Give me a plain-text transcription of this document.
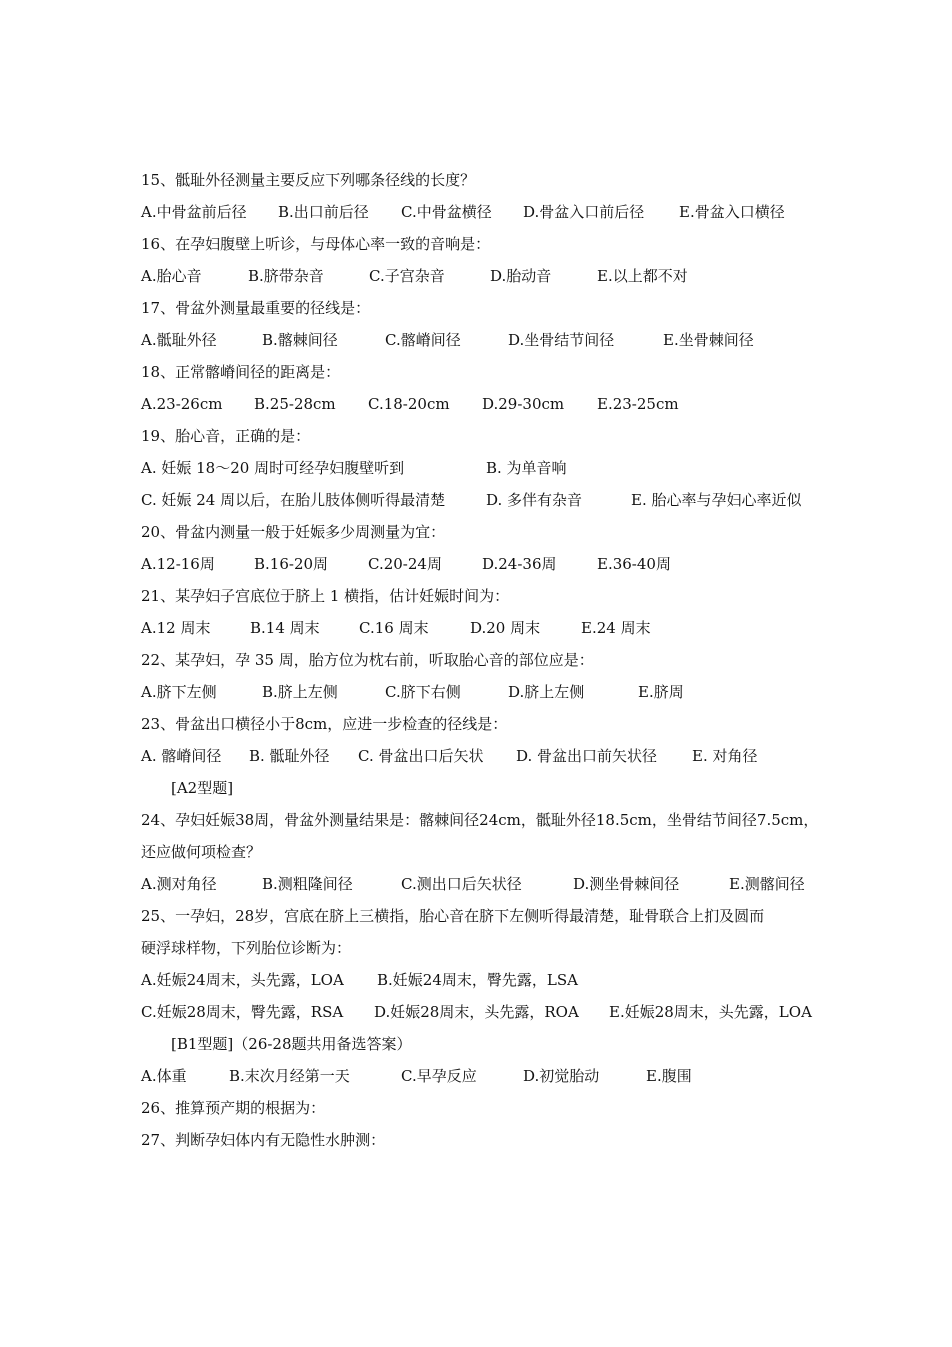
15、骶耻外径测量主要反应下列哪条径线的长度？
A.中骨盆前后径 B.出口前后径 C.中骨盆横径 D.骨盆入口前后径 E.骨盆入口横径
16、在孕妇腹壁上听诊，与母体心率一致的音响是：
A.胎心音	B.脐带杂音	C.子宫杂音	D.胎动音	E.以上都不对
17、骨盆外测量最重要的径线是：
A.骶耻外径	B.髂棘间径	C.髂嵴间径	D.坐骨结节间径	E.坐骨棘间径
18、正常髂嵴间径的距离是：
A.23-26cm B.25-28cm C.18-20cm D.29-30cm E.23-25cm
19、胎心音，正确的是：
A. 妊娠 18～20 周时可经孕妇腹壁听到	B. 为单音响
C. 妊娠 24 周以后，在胎儿肢体侧听得最清楚	D. 多伴有杂音	E. 胎心率与孕妇心率近似
20、骨盆内测量一般于妊娠多少周测量为宜：
A.12-16周	B.16-20周	C.20-24周	D.24-36周	E.36-40周
21、某孕妇子宫底位于脐上 1 横指，估计妊娠时间为：
A.12 周末	B.14 周末	C.16 周末	D.20 周末	E.24 周末
22、某孕妇，孕 35 周，胎方位为枕右前，听取胎心音的部位应是：
A.脐下左侧	B.脐上左侧	C.脐下右侧	D.脐上左侧	E.脐周
23、骨盆出口横径小于8cm，应进一步检查的径线是：
A. 髂嵴间径 B. 骶耻外径 C. 骨盆出口后矢状 D. 骨盆出口前矢状径 E. 对角径
[A2型题]
24、孕妇妊娠38周，骨盆外测量结果是：髂棘间径24cm，骶耻外径18.5cm，坐骨结节间径7.5cm，
还应做何项检查？
A.测对角径	B.测粗隆间径	C.测出口后矢状径	D.测坐骨棘间径	E.测髂间径
25、一孕妇，28岁，宫底在脐上三横指，胎心音在脐下左侧听得最清楚，耻骨联合上扪及圆而
硬浮球样物，下列胎位诊断为：
A.妊娠24周末，头先露，LOA B.妊娠24周末，臀先露，LSA
C.妊娠28周末，臀先露，RSA D.妊娠28周末，头先露，ROA E.妊娠28周末，头先露，LOA
[B1型题]（26-28题共用备选答案）
A.体重	B.末次月经第一天	C.早孕反应	D.初觉胎动	E.腹围
26、推算预产期的根据为：
27、判断孕妇体内有无隐性水肿测：
